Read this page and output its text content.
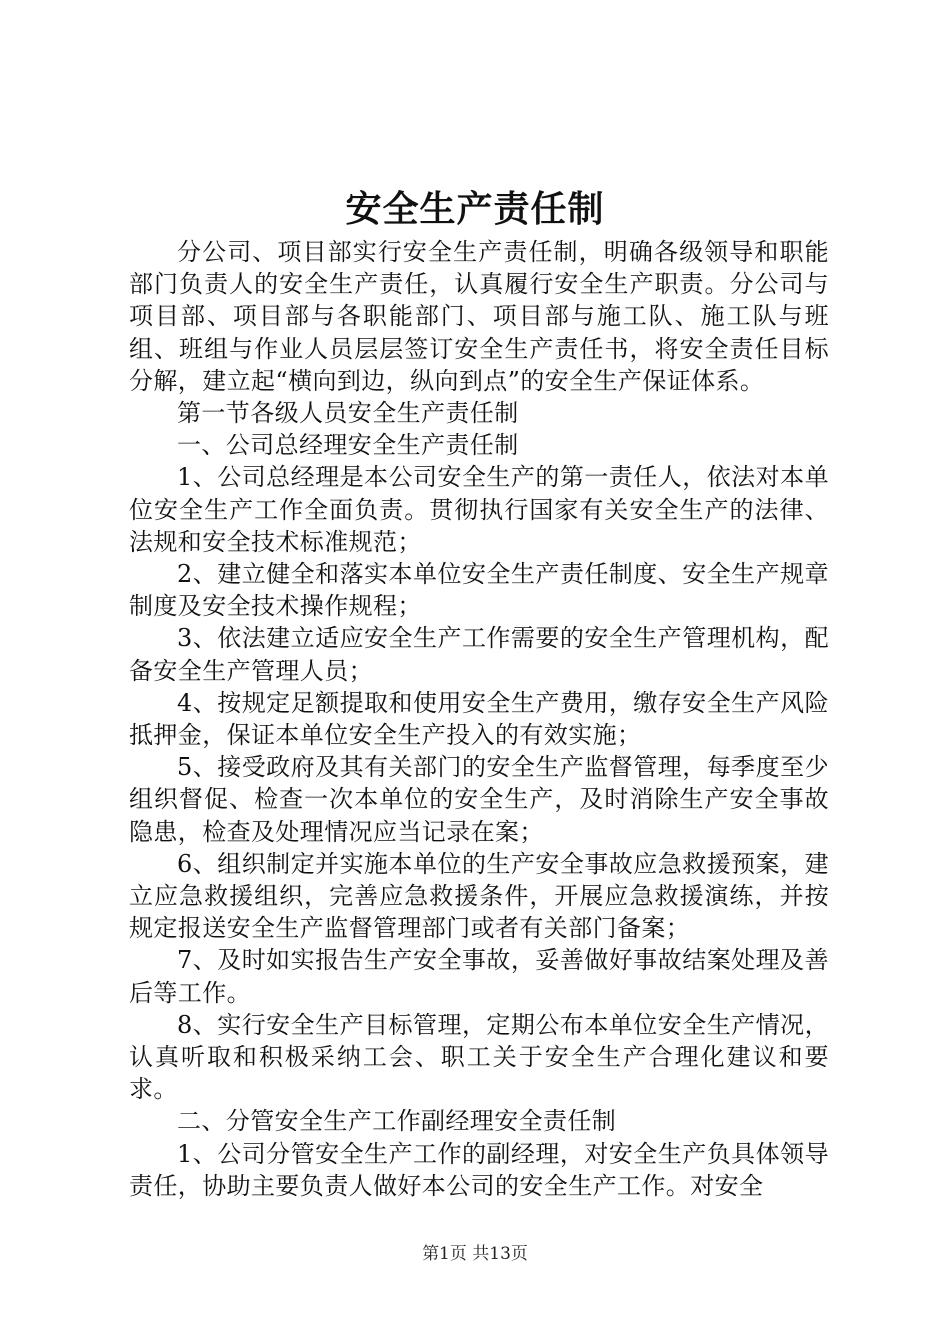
安全生产责任制

分公司、项目部实行安全生产责任制，明确各级领导和职能部门负责人的安全生产责任，认真履行安全生产职责。分公司与项目部、项目部与各职能部门、项目部与施工队、施工队与班组、班组与作业人员层层签订安全生产责任书，将安全责任目标分解，建立起“横向到边，纵向到点”的安全生产保证体系。

第一节各级人员安全生产责任制

一、公司总经理安全生产责任制

1、公司总经理是本公司安全生产的第一责任人，依法对本单位安全生产工作全面负责。贯彻执行国家有关安全生产的法律、法规和安全技术标准规范；

2、建立健全和落实本单位安全生产责任制度、安全生产规章制度及安全技术操作规程；

3、依法建立适应安全生产工作需要的安全生产管理机构，配备安全生产管理人员；

4、按规定足额提取和使用安全生产费用，缴存安全生产风险抵押金，保证本单位安全生产投入的有效实施；

5、接受政府及其有关部门的安全生产监督管理，每季度至少组织督促、检查一次本单位的安全生产，及时消除生产安全事故隐患，检查及处理情况应当记录在案；

6、组织制定并实施本单位的生产安全事故应急救援预案，建立应急救援组织，完善应急救援条件，开展应急救援演练，并按规定报送安全生产监督管理部门或者有关部门备案；

7、及时如实报告生产安全事故，妥善做好事故结案处理及善后等工作。

8、实行安全生产目标管理，定期公布本单位安全生产情况，认真听取和积极采纳工会、职工关于安全生产合理化建议和要求。

二、分管安全生产工作副经理安全责任制

1、公司分管安全生产工作的副经理，对安全生产负具体领导责任，协助主要负责人做好本公司的安全生产工作。对安全

第1页 共13页
